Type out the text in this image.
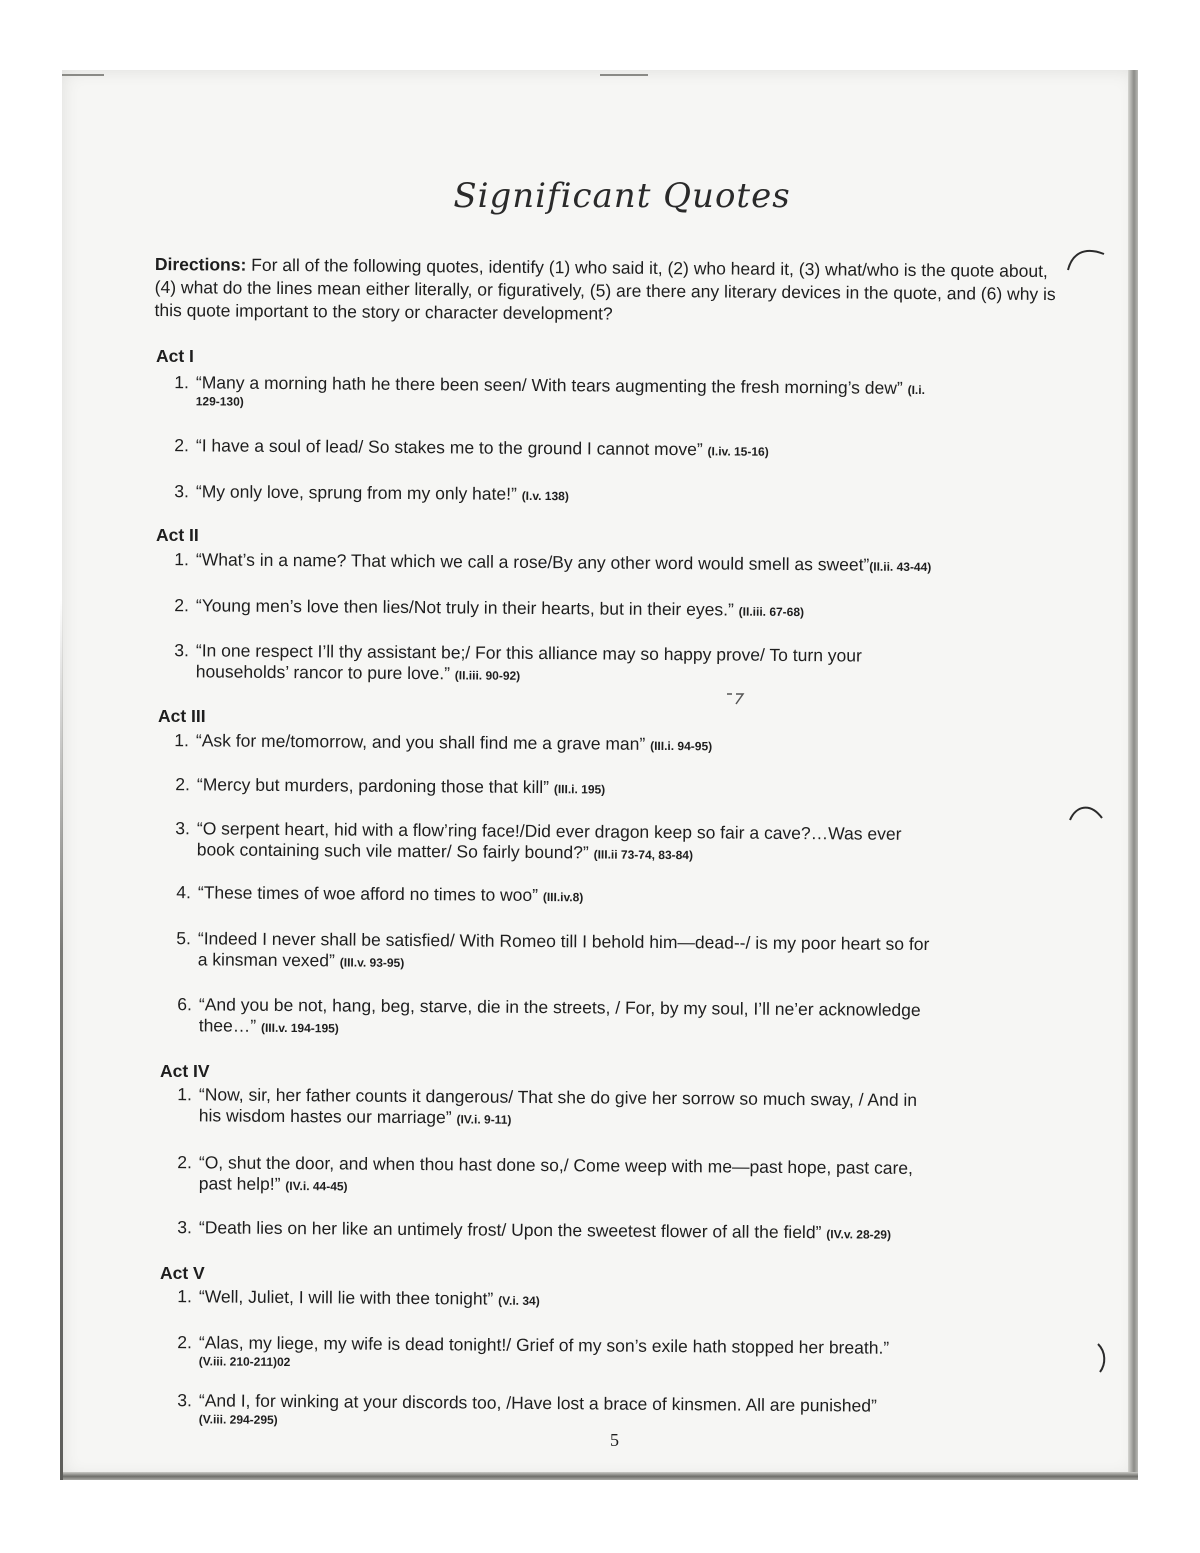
Significant Quotes
Directions: For all of the following quotes, identify (1) who said it, (2) who heard it, (3) what/who is the quote about, (4) what do the lines mean either literally, or figuratively, (5) are there any literary devices in the quote, and (6) why is this quote important to the story or character development?
Act I
1. “Many a morning hath he there been seen/ With tears augmenting the fresh morning’s dew” (I.i.
129-130)
2. “I have a soul of lead/ So stakes me to the ground I cannot move” (I.iv. 15-16)
3. “My only love, sprung from my only hate!” (I.v. 138)
Act II
1. “What’s in a name? That which we call a rose/By any other word would smell as sweet”(II.ii. 43-44)
2. “Young men’s love then lies/Not truly in their hearts, but in their eyes.” (II.iii. 67-68)
3. “In one respect I’ll thy assistant be;/ For this alliance may so happy prove/ To turn your
households’ rancor to pure love.” (II.iii. 90-92)
Act III
1. “Ask for me/tomorrow, and you shall find me a grave man” (III.i. 94-95)
2. “Mercy but murders, pardoning those that kill” (III.i. 195)
3. “O serpent heart, hid with a flow’ring face!/Did ever dragon keep so fair a cave?…Was ever
book containing such vile matter/ So fairly bound?” (III.ii 73-74, 83-84)
4. “These times of woe afford no times to woo” (III.iv.8)
5. “Indeed I never shall be satisfied/ With Romeo till I behold him—dead--/ is my poor heart so for
a kinsman vexed” (III.v. 93-95)
6. “And you be not, hang, beg, starve, die in the streets, / For, by my soul, I’ll ne’er acknowledge
thee…” (III.v. 194-195)
Act IV
1. “Now, sir, her father counts it dangerous/ That she do give her sorrow so much sway, / And in
his wisdom hastes our marriage” (IV.i. 9-11)
2. “O, shut the door, and when thou hast done so,/ Come weep with me—past hope, past care,
past help!” (IV.i. 44-45)
3. “Death lies on her like an untimely frost/ Upon the sweetest flower of all the field” (IV.v. 28-29)
Act V
1. “Well, Juliet, I will lie with thee tonight” (V.i. 34)
2. “Alas, my liege, my wife is dead tonight!/ Grief of my son’s exile hath stopped her breath.”
(V.iii. 210-211)02
3. “And I, for winking at your discords too, /Have lost a brace of kinsmen. All are punished”
(V.iii. 294-295)
5
